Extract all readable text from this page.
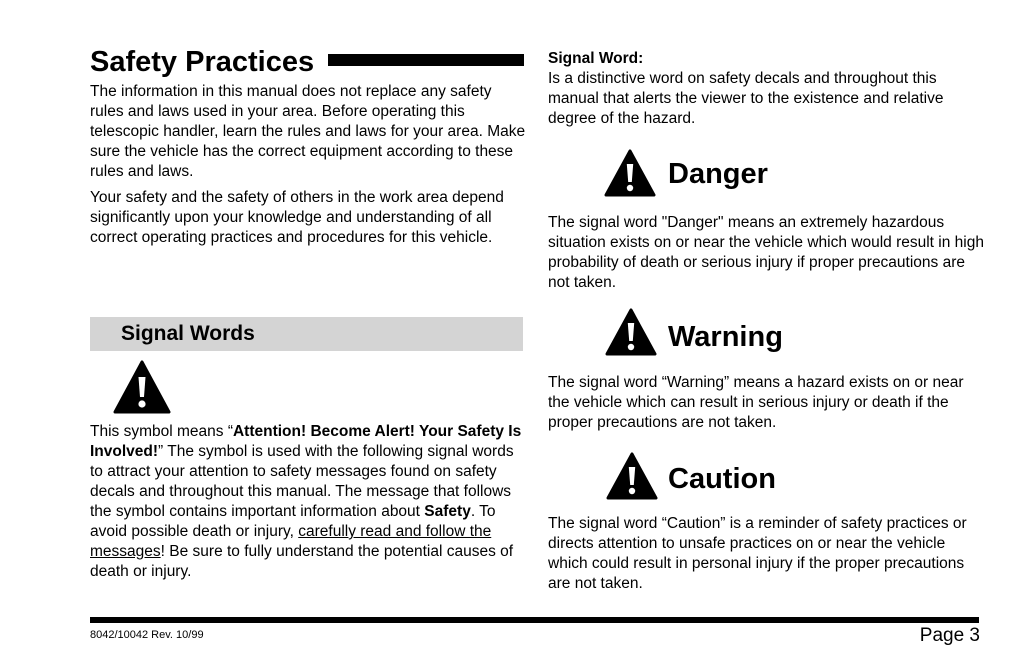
Safety Practices
The information in this manual does not replace any safety rules and laws used in your area. Before operating this telescopic handler, learn the rules and laws for your area. Make sure the vehicle has the correct equipment according to these rules and laws.
Your safety and the safety of others in the work area depend significantly upon your knowledge and understanding of all correct operating practices and procedures for this vehicle.
Signal Words
This symbol means “Attention! Become Alert! Your Safety Is Involved!” The symbol is used with the following signal words to attract your attention to safety messages found on safety decals and throughout this manual. The message that follows the symbol contains important information about Safety. To avoid possible death or injury, carefully read and follow the messages! Be sure to fully understand the potential causes of death or injury.
Signal Word:
Is a distinctive word on safety decals and throughout this manual that alerts the viewer to the existence and relative degree of the hazard.
Danger
The signal word "Danger" means an extremely hazardous situation exists on or near the vehicle which would result in high probability of death or serious injury if proper precautions are not taken.
Warning
The signal word “Warning” means a hazard exists on or near the vehicle which can result in serious injury or death if the proper precautions are not taken.
Caution
The signal word “Caution” is a reminder of safety practices or directs attention to unsafe practices on or near the vehicle which could result in personal injury if the proper precautions are not taken.
8042/10042 Rev. 10/99	Page 3
